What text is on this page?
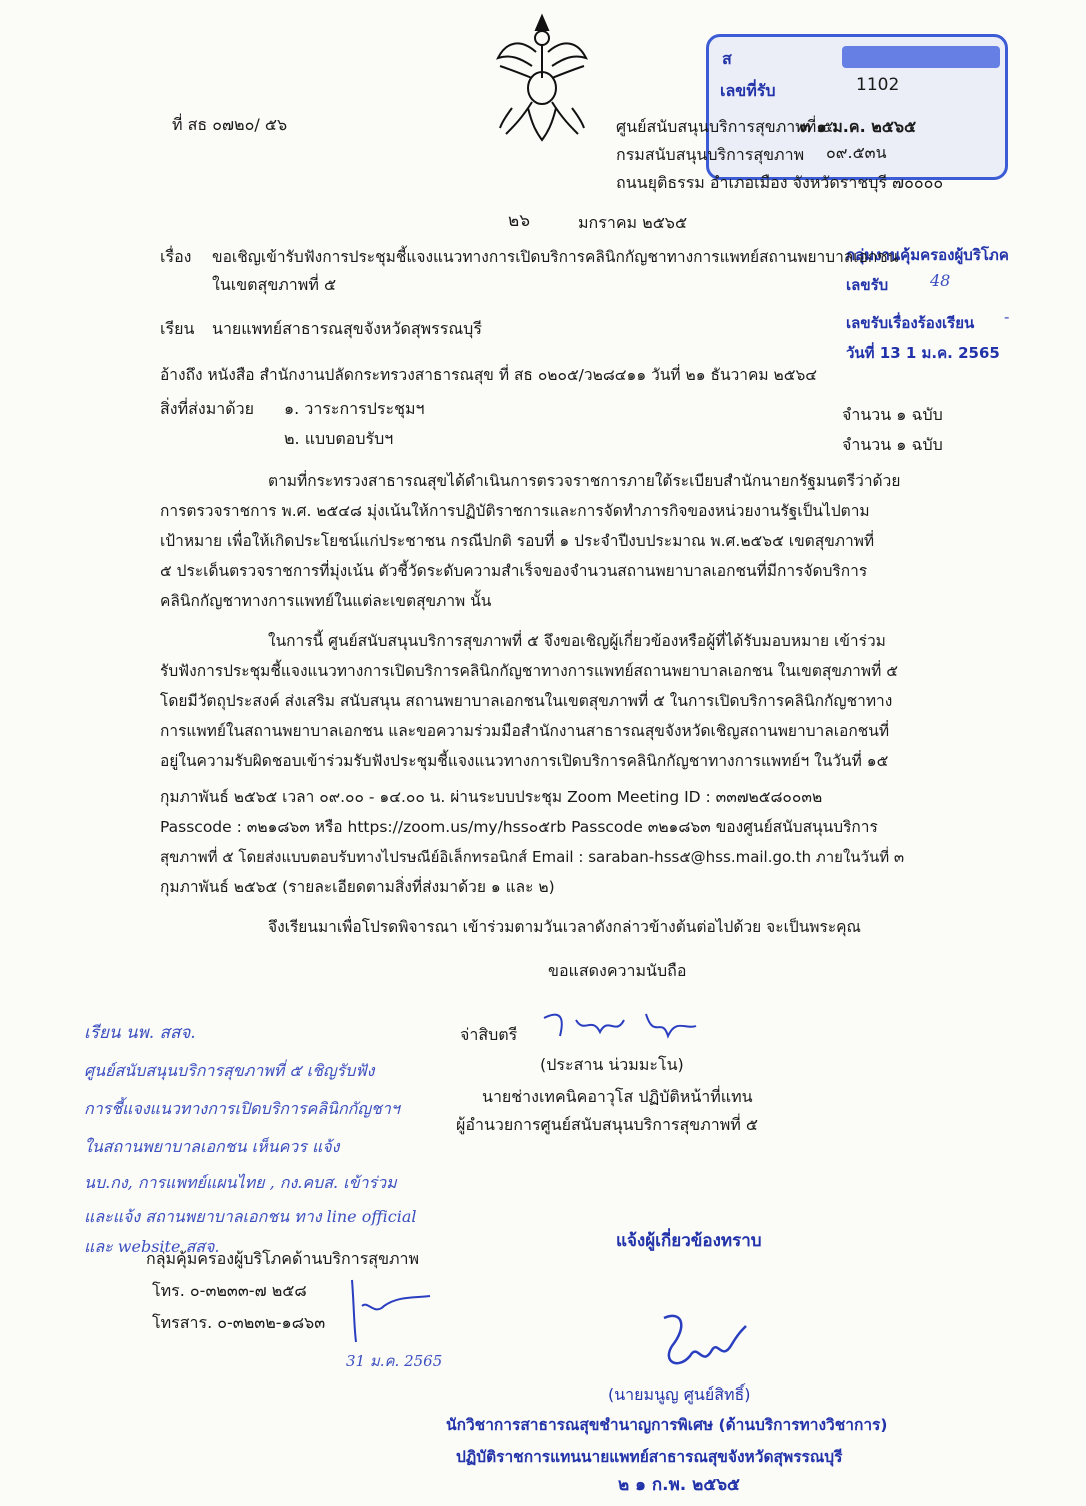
ส
เลขที่รับ	1102
๓ ๑ ม.ค. ๒๕๖๕
๐๙.๕๓น
ที่ สธ ๐๗๒๐/ ๕๖	ศูนย์สนับสนุนบริการสุขภาพที่ ๕
กรมสนับสนุนบริการสุขภาพ
ถนนยุติธรรม อำเภอเมือง จังหวัดราชบุรี ๗๐๐๐๐
๒๖	มกราคม ๒๕๖๕
กลุ่มงานคุ้มครองผู้บริโภค
เลขรับ	48
เลขรับเรื่องร้องเรียน -
วันที่ 13 1 ม.ค. 2565
เรื่อง ขอเชิญเข้ารับฟังการประชุมชี้แจงแนวทางการเปิดบริการคลินิกกัญชาทางการแพทย์สถานพยาบาลเอกชน
ในเขตสุขภาพที่ ๕
เรียน นายแพทย์สาธารณสุขจังหวัดสุพรรณบุรี
อ้างถึง หนังสือ สำนักงานปลัดกระทรวงสาธารณสุข ที่ สธ ๐๒๐๕/ว๒๘๔๑๑ วันที่ ๒๑ ธันวาคม ๒๕๖๔
สิ่งที่ส่งมาด้วย ๑. วาระการประชุมฯ	จำนวน ๑ ฉบับ
๒. แบบตอบรับฯ	จำนวน ๑ ฉบับ
ตามที่กระทรวงสาธารณสุขได้ดำเนินการตรวจราชการภายใต้ระเบียบสำนักนายกรัฐมนตรีว่าด้วย
การตรวจราชการ พ.ศ. ๒๕๔๘ มุ่งเน้นให้การปฏิบัติราชการและการจัดทำภารกิจของหน่วยงานรัฐเป็นไปตาม
เป้าหมาย เพื่อให้เกิดประโยชน์แก่ประชาชน กรณีปกติ รอบที่ ๑ ประจำปีงบประมาณ พ.ศ.๒๕๖๕ เขตสุขภาพที่
๕ ประเด็นตรวจราชการที่มุ่งเน้น ตัวชี้วัดระดับความสำเร็จของจำนวนสถานพยาบาลเอกชนที่มีการจัดบริการ
คลินิกกัญชาทางการแพทย์ในแต่ละเขตสุขภาพ นั้น
ในการนี้ ศูนย์สนับสนุนบริการสุขภาพที่ ๕ จึงขอเชิญผู้เกี่ยวข้องหรือผู้ที่ได้รับมอบหมาย เข้าร่วม
รับฟังการประชุมชี้แจงแนวทางการเปิดบริการคลินิกกัญชาทางการแพทย์สถานพยาบาลเอกชน ในเขตสุขภาพที่ ๕
โดยมีวัตถุประสงค์ ส่งเสริม สนับสนุน สถานพยาบาลเอกชนในเขตสุขภาพที่ ๕ ในการเปิดบริการคลินิกกัญชาทาง
การแพทย์ในสถานพยาบาลเอกชน และขอความร่วมมือสำนักงานสาธารณสุขจังหวัดเชิญสถานพยาบาลเอกชนที่
อยู่ในความรับผิดชอบเข้าร่วมรับฟังประชุมชี้แจงแนวทางการเปิดบริการคลินิกกัญชาทางการแพทย์ฯ ในวันที่ ๑๕
กุมภาพันธ์ ๒๕๖๕ เวลา ๐๙.๐๐ - ๑๔.๐๐ น. ผ่านระบบประชุม Zoom Meeting ID : ๓๓๗๒๕๘๐๐๓๒
Passcode : ๓๒๑๘๖๓ หรือ https://zoom.us/my/hss๐๕rb Passcode ๓๒๑๘๖๓ ของศูนย์สนับสนุนบริการ
สุขภาพที่ ๕ โดยส่งแบบตอบรับทางไปรษณีย์อิเล็กทรอนิกส์ Email : saraban-hss๕@hss.mail.go.th ภายในวันที่ ๓
กุมภาพันธ์ ๒๕๖๕ (รายละเอียดตามสิ่งที่ส่งมาด้วย ๑ และ ๒)
จึงเรียนมาเพื่อโปรดพิจารณา เข้าร่วมตามวันเวลาดังกล่าวข้างต้นต่อไปด้วย จะเป็นพระคุณ
ขอแสดงความนับถือ
จ่าสิบตรี
(ประสาน น่วมมะโน)
นายช่างเทคนิคอาวุโส ปฏิบัติหน้าที่แทน
ผู้อำนวยการศูนย์สนับสนุนบริการสุขภาพที่ ๕
เรียน นพ. สสจ.
ศูนย์สนับสนุนบริการสุขภาพที่ ๕ เชิญรับฟัง
การชี้แจงแนวทางการเปิดบริการคลินิกกัญชาฯ
ในสถานพยาบาลเอกชน เห็นควร แจ้ง
นบ.กง, การแพทย์แผนไทย , กง.คบส. เข้าร่วม
และแจ้ง สถานพยาบาลเอกชน ทาง line official
และ website สสจ.
กลุ่มคุ้มครองผู้บริโภคด้านบริการสุขภาพ
โทร. ๐-๓๒๓๓-๗ ๒๕๘
โทรสาร. ๐-๓๒๓๒-๑๘๖๓
31 ม.ค. 2565
แจ้งผู้เกี่ยวข้องทราบ
(นายมนูญ ศูนย์สิทธิ์)
นักวิชาการสาธารณสุขชำนาญการพิเศษ (ด้านบริการทางวิชาการ)
ปฏิบัติราชการแทนนายแพทย์สาธารณสุขจังหวัดสุพรรณบุรี
๒ ๑ ก.พ. ๒๕๖๕
